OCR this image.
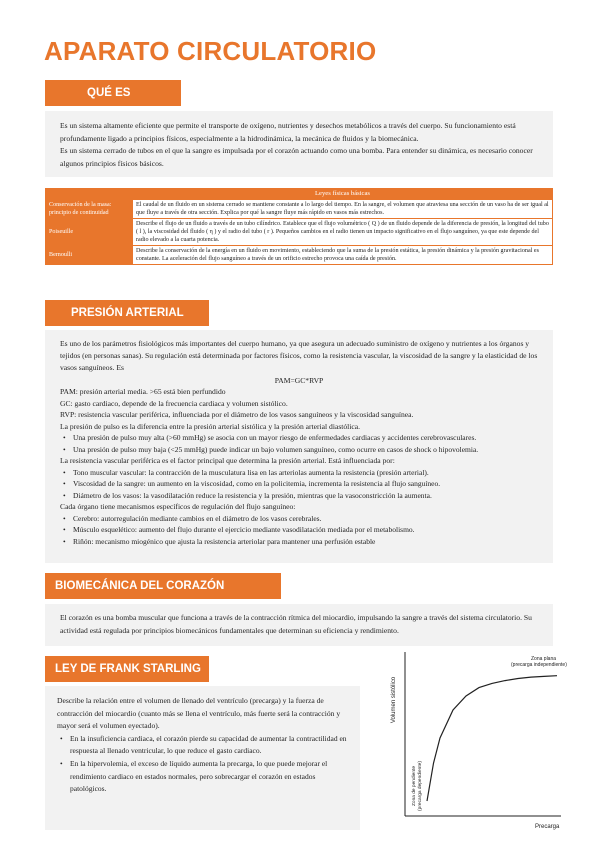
APARATO CIRCULATORIO
QUÉ ES

Es un sistema altamente eficiente que permite el transporte de oxígeno, nutrientes y desechos metabólicos a través del cuerpo. Su funcionamiento está profundamente ligado a principios físicos, especialmente a la hidrodinámica, la mecánica de fluidos y la biomecánica.

Es un sistema cerrado de tubos en el que la sangre es impulsada por el corazón actuando como una bomba. Para entender su dinámica, es necesario conocer algunos principios físicos básicos.

	Leyes físicas básicas
Conservación de la masa: principio de continuidad	El caudal de un fluido en un sistema cerrado se mantiene constante a lo largo del tiempo. En la sangre, el volumen que atraviesa una sección de un vaso ha de ser igual al que fluye a través de otra sección. Explica por qué la sangre fluye más rápido en vasos más estrechos.
Poiseuille	Describe el flujo de un fluido a través de un tubo cilíndrico. Establece que el flujo volumétrico ( Q ) de un fluido depende de la diferencia de presión, la longitud del tubo ( l ), la viscosidad del fluido ( η ) y el radio del tubo ( r ). Pequeños cambios en el radio tienen un impacto significativo en el flujo sanguíneo, ya que este depende del radio elevado a la cuarta potencia.
Bernoulli	Describe la conservación de la energía en un fluido en movimiento, estableciendo que la suma de la presión estática, la presión dinámica y la presión gravitacional es constante. La aceleración del flujo sanguíneo a través de un orificio estrecho provoca una caída de presión.
PRESIÓN ARTERIAL

Es uno de los parámetros fisiológicos más importantes del cuerpo humano, ya que asegura un adecuado suministro de oxígeno y nutrientes a los órganos y tejidos (en personas sanas). Su regulación está determinada por factores físicos, como la resistencia vascular, la viscosidad de la sangre y la elasticidad de los vasos sanguíneos. Es

PAM=GC*RVP

PAM: presión arterial media. >65 está bien perfundido

GC: gasto cardiaco, depende de la frecuencia cardiaca y volumen sistólico.

RVP: resistencia vascular periférica, influenciada por el diámetro de los vasos sanguíneos y la viscosidad sanguínea.

La presión de pulso es la diferencia entre la presión arterial sistólica y la presión arterial diastólica.

• Una presión de pulso muy alta (>60 mmHg) se asocia con un mayor riesgo de enfermedades cardiacas y accidentes cerebrovasculares.
• Una presión de pulso muy baja (<25 mmHg) puede indicar un bajo volumen sanguíneo, como ocurre en casos de shock o hipovolemia.

La resistencia vascular periférica es el factor principal que determina la presión arterial. Está influenciada por:

• Tono muscular vascular: la contracción de la musculatura lisa en las arteriolas aumenta la resistencia (presión arterial).
• Viscosidad de la sangre: un aumento en la viscosidad, como en la policitemia, incrementa la resistencia al flujo sanguíneo.
• Diámetro de los vasos: la vasodilatación reduce la resistencia y la presión, mientras que la vasoconstricción la aumenta.

Cada órgano tiene mecanismos específicos de regulación del flujo sanguíneo:

• Cerebro: autorregulación mediante cambios en el diámetro de los vasos cerebrales.
• Músculo esquelético: aumento del flujo durante el ejercicio mediante vasodilatación mediada por el metabolismo.
• Riñón: mecanismo miogénico que ajusta la resistencia arteriolar para mantener una perfusión estable
BIOMECÁNICA DEL CORAZÓN

El corazón es una bomba muscular que funciona a través de la contracción rítmica del miocardio, impulsando la sangre a través del sistema circulatorio. Su actividad está regulada por principios biomecánicos fundamentales que determinan su eficiencia y rendimiento.

LEY DE FRANK STARLING

Describe la relación entre el volumen de llenado del ventrículo (precarga) y la fuerza de contracción del miocardio (cuanto más se llena el ventrículo, más fuerte será la contracción y mayor será el volumen eyectado).

• En la insuficiencia cardiaca, el corazón pierde su capacidad de aumentar la contractilidad en respuesta al llenado ventricular, lo que reduce el gasto cardiaco.
• En la hipervolemia, el exceso de líquido aumenta la precarga, lo que puede mejorar el rendimiento cardiaco en estados normales, pero sobrecargar el corazón en estados patológicos.
Volumen sistólico
Precarga
Zona plana
(precarga independiente)
Zona de pendiente (precarga dependiente)
